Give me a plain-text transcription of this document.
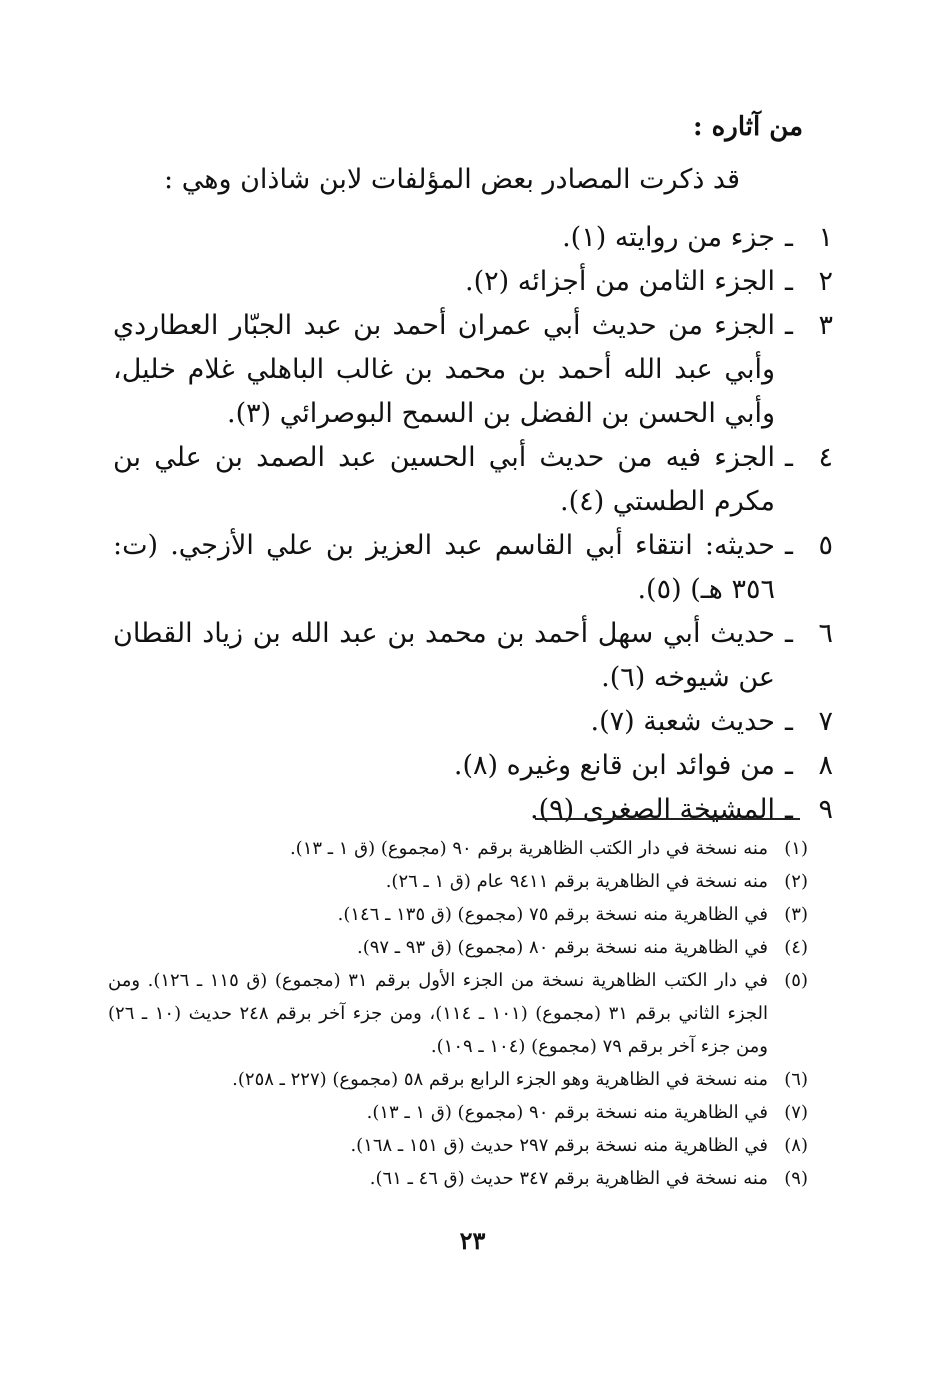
من آثاره :
قد ذكرت المصادر بعض المؤلفات لابن شاذان وهي :
١
ـ
جزء من روايته (١).
٢
ـ
الجزء الثامن من أجزائه (٢).
٣
ـ
الجزء من حديث أبي عمران أحمد بن عبد الجبّار العطاردي وأبي عبد الله أحمد بن محمد بن غالب الباهلي غلام خليل، وأبي الحسن بن الفضل بن السمح البوصرائي (٣).
٤
ـ
الجزء فيه من حديث أبي الحسين عبد الصمد بن علي بن مكرم الطستي (٤).
٥
ـ
حديثه: انتقاء أبي القاسم عبد العزيز بن علي الأزجي. (ت: ٣٥٦ هـ) (٥).
٦
ـ
حديث أبي سهل أحمد بن محمد بن عبد الله بن زياد القطان عن شيوخه (٦).
٧
ـ
حديث شعبة (٧).
٨
ـ
من فوائد ابن قانع وغيره (٨).
٩
ـ
المشيخة الصغرى (٩).
(١)
منه نسخة في دار الكتب الظاهرية برقم ٩٠ (مجموع) (ق ١ ـ ١٣).
(٢)
منه نسخة في الظاهرية برقم ٩٤١١ عام (ق ١ ـ ٢٦).
(٣)
في الظاهرية منه نسخة برقم ٧٥ (مجموع) (ق ١٣٥ ـ ١٤٦).
(٤)
في الظاهرية منه نسخة برقم ٨٠ (مجموع) (ق ٩٣ ـ ٩٧).
(٥)
في دار الكتب الظاهرية نسخة من الجزء الأول برقم ٣١ (مجموع) (ق ١١٥ ـ ١٢٦). ومن الجزء الثاني برقم ٣١ (مجموع) (١٠١ ـ ١١٤)، ومن جزء آخر برقم ٢٤٨ حديث (١٠ ـ ٢٦) ومن جزء آخر برقم ٧٩ (مجموع) (١٠٤ ـ ١٠٩).
(٦)
منه نسخة في الظاهرية وهو الجزء الرابع برقم ٥٨ (مجموع) (٢٢٧ ـ ٢٥٨).
(٧)
في الظاهرية منه نسخة برقم ٩٠ (مجموع) (ق ١ ـ ١٣).
(٨)
في الظاهرية منه نسخة برقم ٢٩٧ حديث (ق ١٥١ ـ ١٦٨).
(٩)
منه نسخة في الظاهرية برقم ٣٤٧ حديث (ق ٤٦ ـ ٦١).
٢٣
